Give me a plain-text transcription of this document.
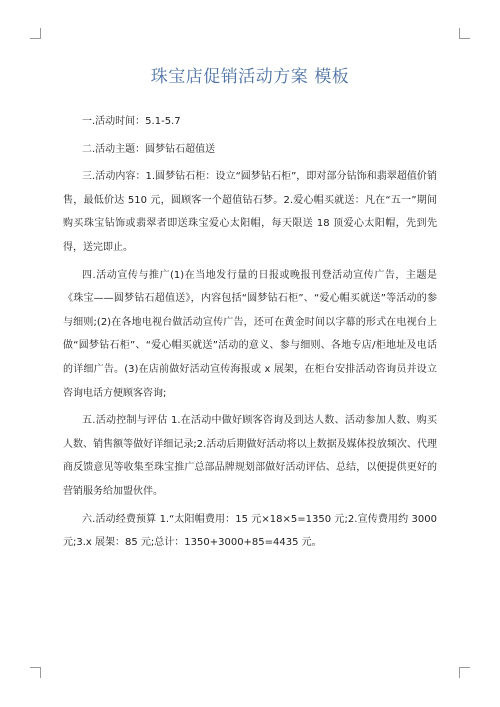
珠宝店促销活动方案 模板

一.活动时间：5.1-5.7

二.活动主题：圆梦钻石超值送

三.活动内容：1.圆梦钻石柜：设立“圆梦钻石柜”，即对部分钻饰和翡翠超值价销售，最低价达 510 元，圆顾客一个超值钻石梦。2.爱心帽买就送：凡在“五一”期间购买珠宝钻饰或翡翠者即送珠宝爱心太阳帽，每天限送 18 顶爱心太阳帽，先到先得，送完即止。

四.活动宣传与推广(1)在当地发行量的日报或晚报刊登活动宣传广告，主题是《珠宝——圆梦钻石超值送》，内容包括“圆梦钻石柜”、“爱心帽买就送”等活动的参与细则;(2)在各地电视台做活动宣传广告，还可在黄金时间以字幕的形式在电视台上做“圆梦钻石柜”、“爱心帽买就送”活动的意义、参与细则、各地专店/柜地址及电话的详细广告。(3)在店前做好活动宣传海报或 x 展架，在柜台安排活动咨询员并设立咨询电话方便顾客咨询;

五.活动控制与评估 1.在活动中做好顾客咨询及到达人数、活动参加人数、购买人数、销售额等做好详细记录;2.活动后期做好活动将以上数据及媒体投放频次、代理商反馈意见等收集至珠宝推广总部品牌规划部做好活动评估、总结，以便提供更好的营销服务给加盟伙伴。

六.活动经费预算 1.“太阳帽费用：15 元×18×5=1350 元;2.宣传费用约 3000 元;3.x 展架：85 元;总计：1350+3000+85=4435 元。
